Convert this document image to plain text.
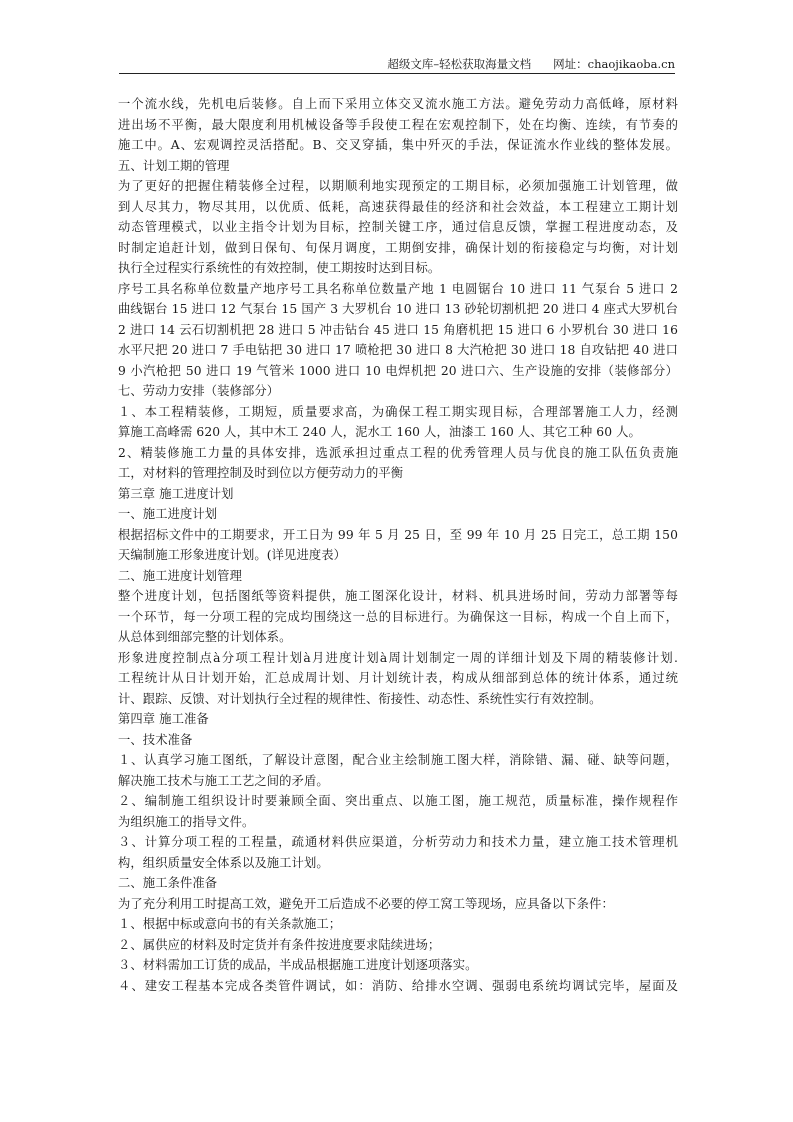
超级文库–轻松获取海量文档 网址：chaojikaoba.cn
一个流水线，先机电后装修。自上而下采用立体交叉流水施工方法。避免劳动力高低峰，原材料
进出场不平衡，最大限度利用机械设备等手段使工程在宏观控制下，处在均衡、连续，有节奏的
施工中。A、宏观调控灵活搭配。B、交叉穿插，集中歼灭的手法，保证流水作业线的整体发展。
五、计划工期的管理
为了更好的把握住精装修全过程，以期顺利地实现预定的工期目标，必须加强施工计划管理，做
到人尽其力，物尽其用，以优质、低耗，高速获得最佳的经济和社会效益，本工程建立工期计划
动态管理模式，以业主指令计划为目标，控制关键工序，通过信息反馈，掌握工程进度动态，及
时制定追赶计划，做到日保旬、旬保月调度，工期倒安排，确保计划的衔接稳定与均衡，对计划
执行全过程实行系统性的有效控制，使工期按时达到目标。
序号工具名称单位数量产地序号工具名称单位数量产地 1 电圆锯台 10 进口 11 气泵台 5 进口 2
曲线锯台 15 进口 12 气泵台 15 国产 3 大罗机台 10 进口 13 砂轮切割机把 20 进口 4 座式大罗机台
2 进口 14 云石切割机把 28 进口 5 冲击钻台 45 进口 15 角磨机把 15 进口 6 小罗机台 30 进口 16
水平尺把 20 进口 7 手电钻把 30 进口 17 喷枪把 30 进口 8 大汽枪把 30 进口 18 自攻钻把 40 进口
9 小汽枪把 50 进口 19 气管米 1000 进口 10 电焊机把 20 进口六、生产设施的安排（装修部分）
七、劳动力安排（装修部分）
１、本工程精装修，工期短，质量要求高，为确保工程工期实现目标，合理部署施工人力，经测
算施工高峰需 620 人，其中木工 240 人，泥水工 160 人，油漆工 160 人、其它工种 60 人。
2、精装修施工力量的具体安排，选派承担过重点工程的优秀管理人员与优良的施工队伍负责施
工，对材料的管理控制及时到位以方便劳动力的平衡
第三章 施工进度计划
一、施工进度计划
根据招标文件中的工期要求，开工日为 99 年 5 月 25 日，至 99 年 10 月 25 日完工，总工期 150
天编制施工形象进度计划。(详见进度表）
二、施工进度计划管理
整个进度计划，包括图纸等资料提供，施工图深化设计，材料、机具进场时间，劳动力部署等每
一个环节，每一分项工程的完成均围绕这一总的目标进行。为确保这一目标，构成一个自上而下，
从总体到细部完整的计划体系。
形象进度控制点à分项工程计划à月进度计划à周计划制定一周的详细计划及下周的精装修计划.
工程统计从日计划开始，汇总成周计划、月计划统计表，构成从细部到总体的统计体系，通过统
计、跟踪、反馈、对计划执行全过程的规律性、衔接性、动态性、系统性实行有效控制。
第四章 施工准备
一、技术准备
１、认真学习施工图纸，了解设计意图，配合业主绘制施工图大样，消除错、漏、碰、缺等问题，
解决施工技术与施工工艺之间的矛盾。
２、编制施工组织设计时要兼顾全面、突出重点、以施工图，施工规范，质量标准，操作规程作
为组织施工的指导文件。
３、计算分项工程的工程量，疏通材料供应渠道，分析劳动力和技术力量，建立施工技术管理机
构，组织质量安全体系以及施工计划。
二、施工条件准备
为了充分利用工时提高工效，避免开工后造成不必要的停工窝工等现场，应具备以下条件：
１、根据中标或意向书的有关条款施工；
２、属供应的材料及时定货并有条件按进度要求陆续进场；
３、材料需加工订货的成品，半成品根据施工进度计划逐项落实。
４、建安工程基本完成各类管件调试，如：消防、给排水空调、强弱电系统均调试完毕，屋面及
